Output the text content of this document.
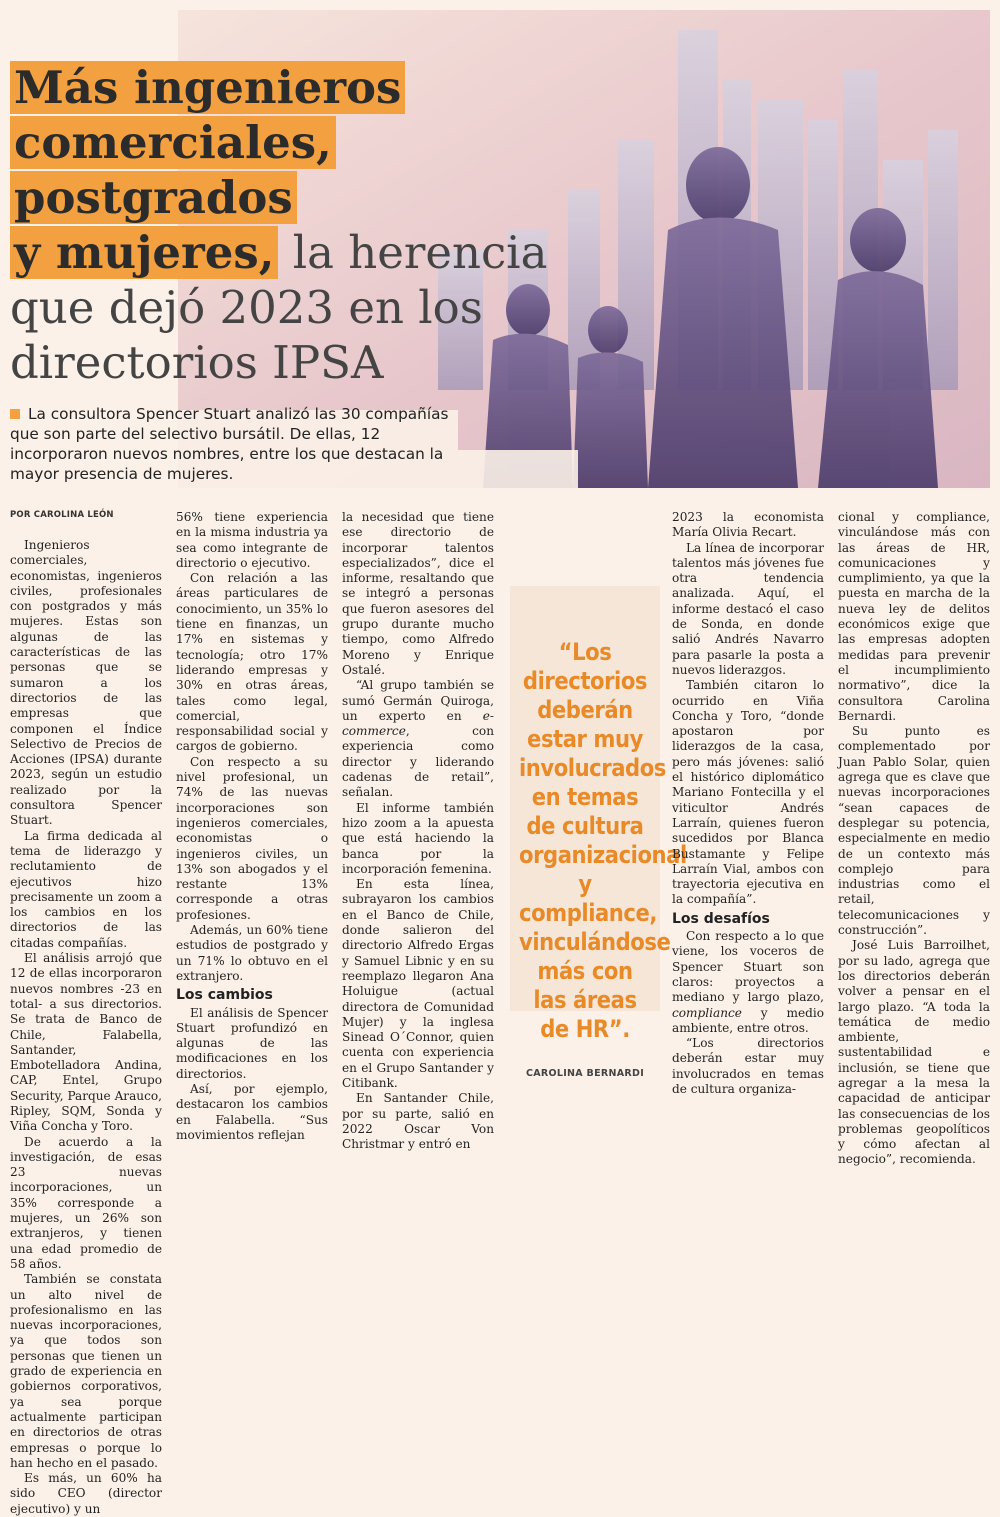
Más ingenieros
comerciales, postgrados
y mujeres, la herencia que dejó 2023 en los directorios IPSA
La consultora Spencer Stuart analizó las 30 compañías que son parte del selectivo bursátil. De ellas, 12 incorporaron nuevos nombres, entre los que destacan la mayor presencia de mujeres.
POR CAROLINA LEÓN

Ingenieros comerciales, economistas, ingenieros civiles, profesionales con postgrados y más mujeres. Estas son algunas de las características de las personas que se sumaron a los directorios de las empresas que componen el Índice Selectivo de Precios de Acciones (IPSA) durante 2023, según un estudio realizado por la consultora Spencer Stuart.

La firma dedicada al tema de liderazgo y reclutamiento de ejecutivos hizo precisamente un zoom a los cambios en los directorios de las citadas compañías.

El análisis arrojó que 12 de ellas incorporaron nuevos nombres -23 en total- a sus directorios. Se trata de Banco de Chile, Falabella, Santander, Embotelladora Andina, CAP, Entel, Grupo Security, Parque Arauco, Ripley, SQM, Sonda y Viña Concha y Toro.

De acuerdo a la investigación, de esas 23 nuevas incorporaciones, un 35% corresponde a mujeres, un 26% son extranjeros, y tienen una edad promedio de 58 años.

También se constata un alto nivel de profesionalismo en las nuevas incorporaciones, ya que todos son personas que tienen un grado de experiencia en gobiernos corporativos, ya sea porque actualmente participan en directorios de otras empresas o porque lo han hecho en el pasado.

Es más, un 60% ha sido CEO (director ejecutivo) y un

56% tiene experiencia en la misma industria ya sea como integrante de directorio o ejecutivo.

Con relación a las áreas particulares de conocimiento, un 35% lo tiene en finanzas, un 17% en sistemas y tecnología; otro 17% liderando empresas y 30% en otras áreas, tales como legal, comercial, responsabilidad social y cargos de gobierno.

Con respecto a su nivel profesional, un 74% de las nuevas incorporaciones son ingenieros comerciales, economistas o ingenieros civiles, un 13% son abogados y el restante 13% corresponde a otras profesiones.

Además, un 60% tiene estudios de postgrado y un 71% lo obtuvo en el extranjero.

Los cambios

El análisis de Spencer Stuart profundizó en algunas de las modificaciones en los directorios.

Así, por ejemplo, destacaron los cambios en Falabella. “Sus movimientos reflejan

la necesidad que tiene ese directorio de incorporar talentos especializados”, dice el informe, resaltando que se integró a personas que fueron asesores del grupo durante mucho tiempo, como Alfredo Moreno y Enrique Ostalé.

“Al grupo también se sumó Germán Quiroga, un experto en e-commerce, con experiencia como director y liderando cadenas de retail”, señalan.

El informe también hizo zoom a la apuesta que está haciendo la banca por la incorporación femenina.

En esta línea, subrayaron los cambios en el Banco de Chile, donde salieron del directorio Alfredo Ergas y Samuel Libnic y en su reemplazo llegaron Ana Holuigue (actual directora de Comunidad Mujer) y la inglesa Sinead O´Connor, quien cuenta con experiencia en el Grupo Santander y Citibank.

En Santander Chile, por su parte, salió en 2022 Oscar Von Christmar y entró en

“Los directorios deberán estar muy involucrados en temas de cultura organizacional y compliance, vinculándose más con las áreas de HR”.
CAROLINA BERNARDI

2023 la economista María Olivia Recart.

La línea de incorporar talentos más jóvenes fue otra tendencia analizada. Aquí, el informe destacó el caso de Sonda, en donde salió Andrés Navarro para pasarle la posta a nuevos liderazgos.

También citaron lo ocurrido en Viña Concha y Toro, “donde apostaron por liderazgos de la casa, pero más jóvenes: salió el histórico diplomático Mariano Fontecilla y el viticultor Andrés Larraín, quienes fueron sucedidos por Blanca Bustamante y Felipe Larraín Vial, ambos con trayectoria ejecutiva en la compañía”.

Los desafíos

Con respecto a lo que viene, los voceros de Spencer Stuart son claros: proyectos a mediano y largo plazo, compliance y medio ambiente, entre otros.

“Los directorios deberán estar muy involucrados en temas de cultura organiza-

cional y compliance, vinculándose más con las áreas de HR, comunicaciones y cumplimiento, ya que la puesta en marcha de la nueva ley de delitos económicos exige que las empresas adopten medidas para prevenir el incumplimiento normativo”, dice la consultora Carolina Bernardi.

Su punto es complementado por Juan Pablo Solar, quien agrega que es clave que nuevas incorporaciones “sean capaces de desplegar su potencia, especialmente en medio de un contexto más complejo para industrias como el retail, telecomunicaciones y construcción”.

José Luis Barroilhet, por su lado, agrega que los directorios deberán volver a pensar en el largo plazo. “A toda la temática de medio ambiente, sustentabilidad e inclusión, se tiene que agregar a la mesa la capacidad de anticipar las consecuencias de los problemas geopolíticos y cómo afectan al negocio”, recomienda.
